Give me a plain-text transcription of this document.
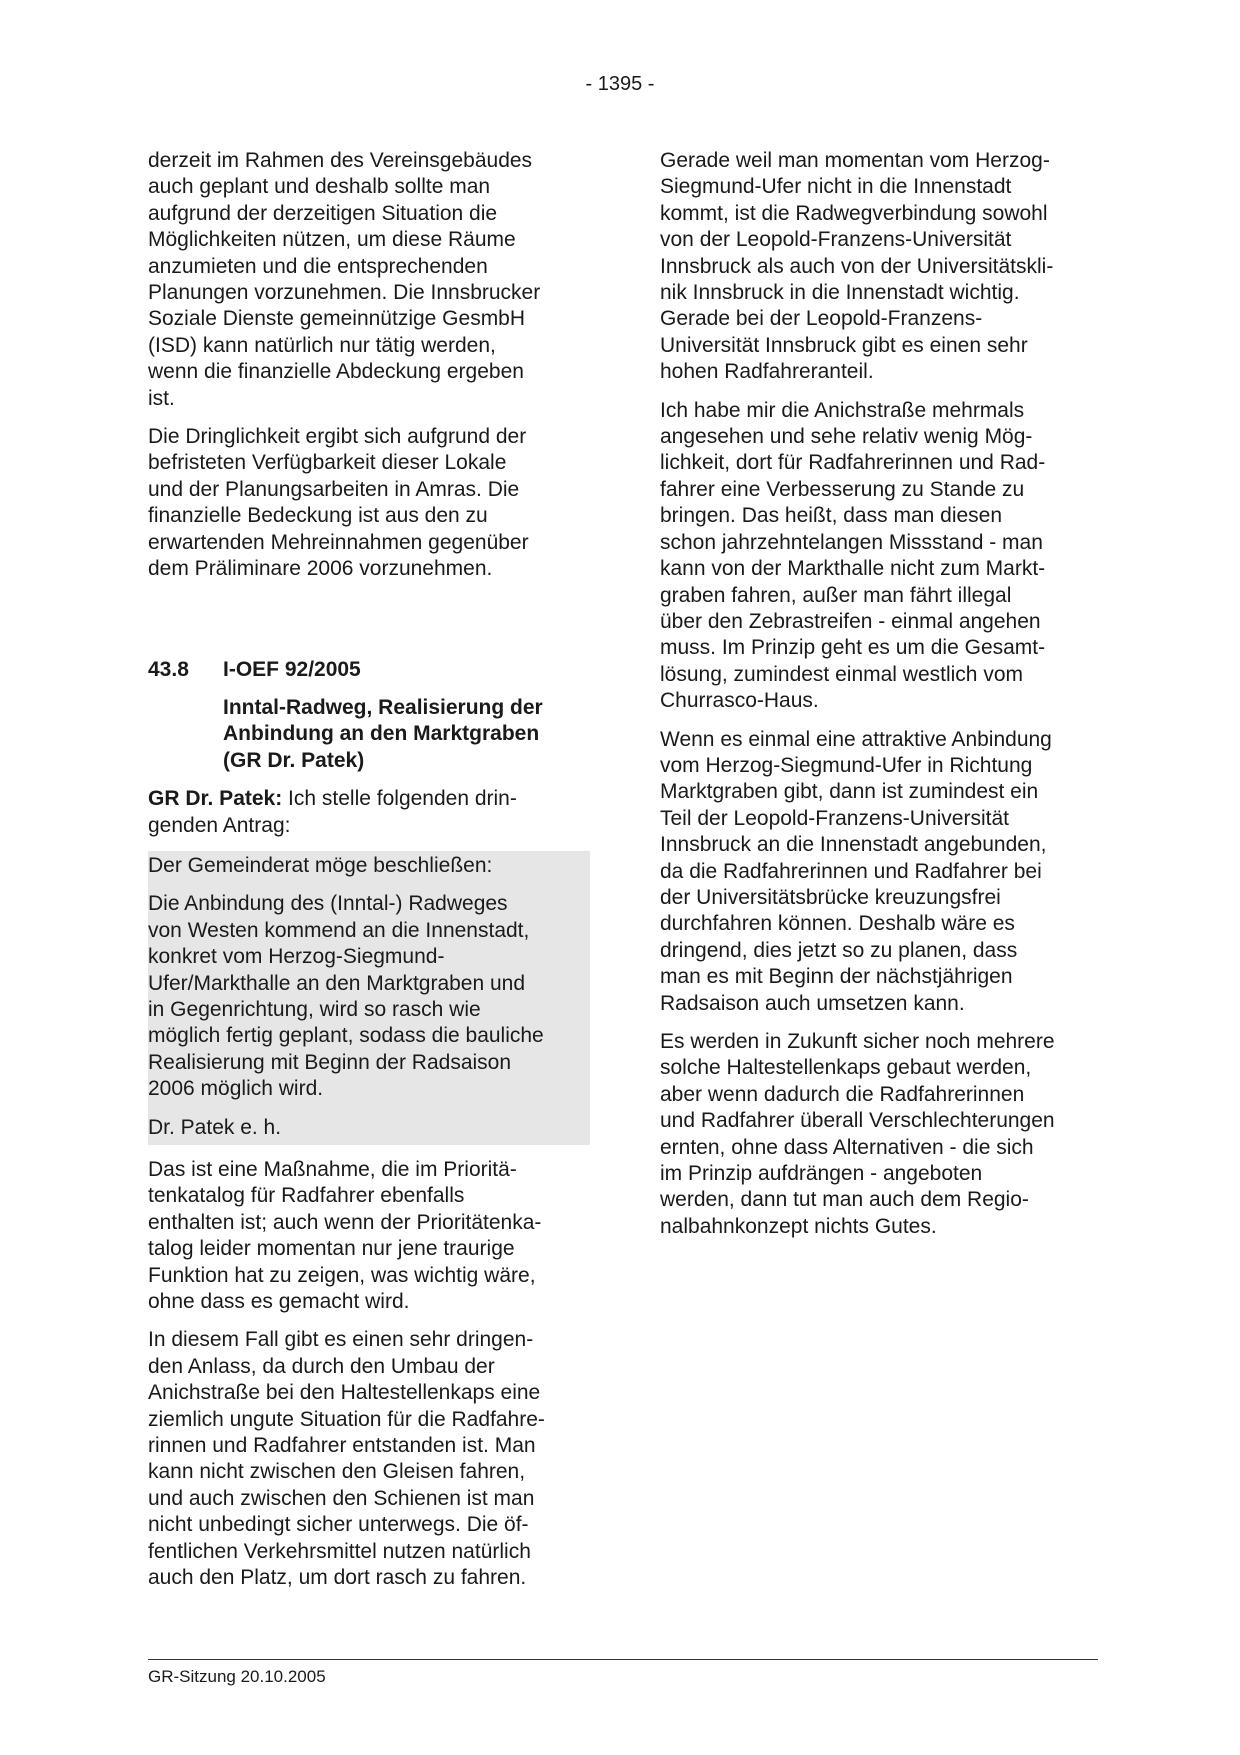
- 1395 -

derzeit im Rahmen des Vereinsgebäudes
auch geplant und deshalb sollte man
aufgrund der derzeitigen Situation die
Möglichkeiten nützen, um diese Räume
anzumieten und die entsprechenden
Planungen vorzunehmen. Die Innsbrucker
Soziale Dienste gemeinnützige GesmbH
(ISD) kann natürlich nur tätig werden,
wenn die finanzielle Abdeckung ergeben
ist.

Die Dringlichkeit ergibt sich aufgrund der
befristeten Verfügbarkeit dieser Lokale
und der Planungsarbeiten in Amras. Die
finanzielle Bedeckung ist aus den zu
erwartenden Mehreinnahmen gegenüber
dem Präliminare 2006 vorzunehmen.

43.8	I-OEF 92/2005
Inntal-Radweg, Realisierung der
Anbindung an den Marktgraben
(GR Dr. Patek)

GR Dr. Patek: Ich stelle folgenden drin-
genden Antrag:

Der Gemeinderat möge beschließen:

Die Anbindung des (Inntal-) Radweges
von Westen kommend an die Innenstadt,
konkret vom Herzog-Siegmund-
Ufer/Markthalle an den Marktgraben und
in Gegenrichtung, wird so rasch wie
möglich fertig geplant, sodass die bauliche
Realisierung mit Beginn der Radsaison
2006 möglich wird.

Dr. Patek e. h.

Das ist eine Maßnahme, die im Prioritä-
tenkatalog für Radfahrer ebenfalls
enthalten ist; auch wenn der Prioritätenka-
talog leider momentan nur jene traurige
Funktion hat zu zeigen, was wichtig wäre,
ohne dass es gemacht wird.

In diesem Fall gibt es einen sehr dringen-
den Anlass, da durch den Umbau der
Anichstraße bei den Haltestellenkaps eine
ziemlich ungute Situation für die Radfahre-
rinnen und Radfahrer entstanden ist. Man
kann nicht zwischen den Gleisen fahren,
und auch zwischen den Schienen ist man
nicht unbedingt sicher unterwegs. Die öf-
fentlichen Verkehrsmittel nutzen natürlich
auch den Platz, um dort rasch zu fahren.

Gerade weil man momentan vom Herzog-
Siegmund-Ufer nicht in die Innenstadt
kommt, ist die Radwegverbindung sowohl
von der Leopold-Franzens-Universität
Innsbruck als auch von der Universitätskli-
nik Innsbruck in die Innenstadt wichtig.
Gerade bei der Leopold-Franzens-
Universität Innsbruck gibt es einen sehr
hohen Radfahreranteil.

Ich habe mir die Anichstraße mehrmals
angesehen und sehe relativ wenig Mög-
lichkeit, dort für Radfahrerinnen und Rad-
fahrer eine Verbesserung zu Stande zu
bringen. Das heißt, dass man diesen
schon jahrzehntelangen Missstand - man
kann von der Markthalle nicht zum Markt-
graben fahren, außer man fährt illegal
über den Zebrastreifen - einmal angehen
muss. Im Prinzip geht es um die Gesamt-
lösung, zumindest einmal westlich vom
Churrasco-Haus.

Wenn es einmal eine attraktive Anbindung
vom Herzog-Siegmund-Ufer in Richtung
Marktgraben gibt, dann ist zumindest ein
Teil der Leopold-Franzens-Universität
Innsbruck an die Innenstadt angebunden,
da die Radfahrerinnen und Radfahrer bei
der Universitätsbrücke kreuzungsfrei
durchfahren können. Deshalb wäre es
dringend, dies jetzt so zu planen, dass
man es mit Beginn der nächstjährigen
Radsaison auch umsetzen kann.

Es werden in Zukunft sicher noch mehrere
solche Haltestellenkaps gebaut werden,
aber wenn dadurch die Radfahrerinnen
und Radfahrer überall Verschlechterungen
ernten, ohne dass Alternativen - die sich
im Prinzip aufdrängen - angeboten
werden, dann tut man auch dem Regio-
nalbahnkonzept nichts Gutes.

GR-Sitzung 20.10.2005
